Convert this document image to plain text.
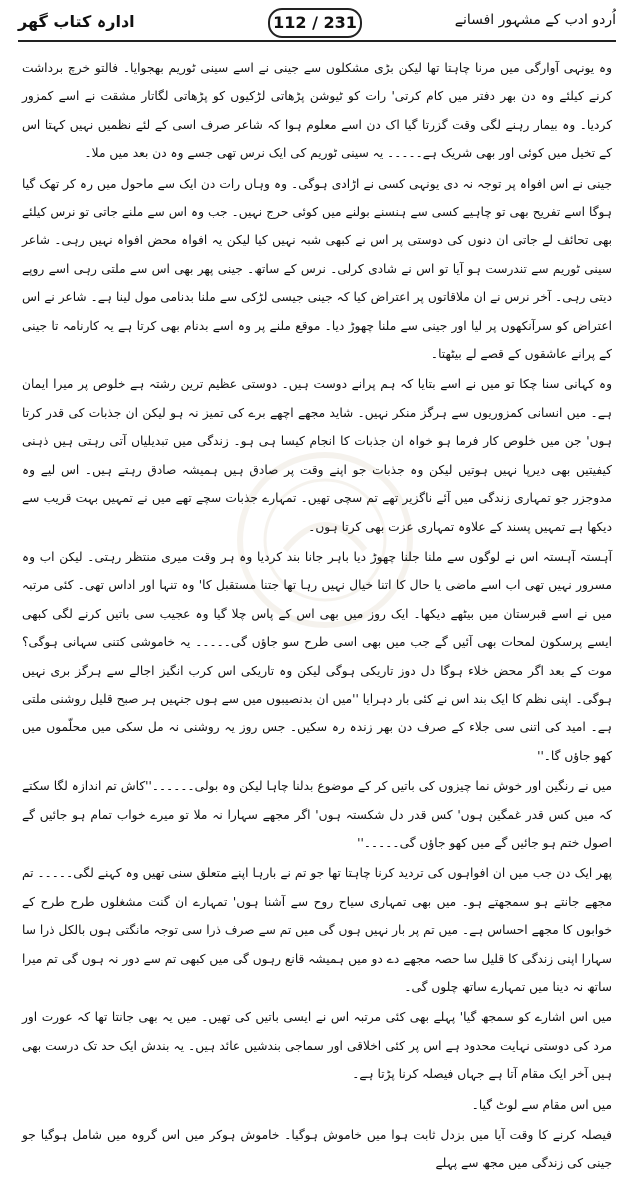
ادارہ کتاب گھر	112 / 231	اُردو ادب کے مشہور افسانے

وہ یونہی آوارگی میں مرنا چاہتا تھا لیکن بڑی مشکلوں سے جینی نے اسے سینی ٹوریم بھجوایا۔ فالتو خرچ برداشت کرنے کیلئے وہ دن بھر دفتر میں کام کرتی' رات کو ٹیوشن پڑھاتی لڑکیوں کو پڑھاتی لگاتار مشقت نے اسے کمزور کردیا۔ وہ بیمار رہنے لگی وقت گزرتا گیا اک دن اسے معلوم ہوا کہ شاعر صرف اسی کے لئے نظمیں نہیں کہتا اس کے تخیل میں کوئی اور بھی شریک ہے۔۔۔۔۔ یہ سینی ٹوریم کی ایک نرس تھی جسے وہ دن بعد میں ملا۔

جینی نے اس افواہ پر توجہ نہ دی یونہی کسی نے اڑادی ہوگی۔ وہ وہاں رات دن ایک سے ماحول میں رہ کر تھک گیا ہوگا اسے تفریح بھی تو چاہیے کسی سے ہنسنے بولنے میں کوئی حرج نہیں۔ جب وہ اس سے ملنے جاتی تو نرس کیلئے بھی تحائف لے جاتی ان دنوں کی دوستی پر اس نے کبھی شبہ نہیں کیا لیکن یہ افواہ محض افواہ نہیں رہی۔ شاعر سینی ٹوریم سے تندرست ہو آیا تو اس نے شادی کرلی۔ نرس کے ساتھ۔ جینی پھر بھی اس سے ملتی رہی اسے روپے دیتی رہی۔ آخر نرس نے ان ملاقاتوں پر اعتراض کیا کہ جینی جیسی لڑکی سے ملنا بدنامی مول لینا ہے۔ شاعر نے اس اعتراض کو سرآنکھوں پر لیا اور جینی سے ملنا چھوڑ دیا۔ موقع ملنے پر وہ اسے بدنام بھی کرتا ہے یہ کارنامہ تا جینی کے پرانے عاشقوں کے قصے لے بیٹھتا۔

وہ کہانی سنا چکا تو میں نے اسے بتایا کہ ہم پرانے دوست ہیں۔ دوستی عظیم ترین رشتہ ہے خلوص پر میرا ایمان ہے۔ میں انسانی کمزوریوں سے ہرگز منکر نہیں۔ شاید مجھے اچھے برے کی تمیز نہ ہو لیکن ان جذبات کی قدر کرتا ہوں' جن میں خلوص کار فرما ہو خواہ ان جذبات کا انجام کیسا ہی ہو۔ زندگی میں تبدیلیاں آتی رہتی ہیں ذہنی کیفیتیں بھی دیرپا نہیں ہوتیں لیکن وہ جذبات جو اپنے وقت پر صادق ہیں ہمیشہ صادق رہتے ہیں۔ اس لیے وہ مدوجزر جو تمہاری زندگی میں آئے ناگزیر تھے تم سچی تھیں۔ تمہارے جذبات سچے تھے میں نے تمہیں بہت قریب سے دیکھا ہے تمہیں پسند کے علاوہ تمہاری عزت بھی کرتا ہوں۔

آہستہ آہستہ اس نے لوگوں سے ملنا جلنا چھوڑ دیا باہر جانا بند کردیا وہ ہر وقت میری منتظر رہتی۔ لیکن اب وہ مسرور نہیں تھی اب اسے ماضی یا حال کا اتنا خیال نہیں رہا تھا جتنا مستقبل کا' وہ تنہا اور اداس تھی۔ کئی مرتبہ میں نے اسے قبرستان میں بیٹھے دیکھا۔ ایک روز میں بھی اس کے پاس چلا گیا وہ عجیب سی باتیں کرنے لگی کبھی ایسے پرسکون لمحات بھی آئیں گے جب میں بھی اسی طرح سو جاؤں گی۔۔۔۔۔ یہ خاموشی کتنی سہانی ہوگی؟ موت کے بعد اگر محض خلاء ہوگا دل دوز تاریکی ہوگی لیکن وہ تاریکی اس کرب انگیز اجالے سے ہرگز بری نہیں ہوگی۔ اپنی نظم کا ایک بند اس نے کئی بار دہرایا ''میں ان بدنصیبوں میں سے ہوں جنہیں ہر صبح قلیل روشنی ملتی ہے۔ امید کی اتنی سی جلاء کے صرف دن بھر زندہ رہ سکیں۔ جس روز یہ روشنی نہ مل سکی میں محلّموں میں کھو جاؤں گا۔''

میں نے رنگین اور خوش نما چیزوں کی باتیں کر کے موضوع بدلنا چاہا لیکن وہ بولی۔۔۔۔۔۔''کاش تم اندازہ لگا سکتے کہ میں کس قدر غمگین ہوں' کس قدر دل شکستہ ہوں' اگر مجھے سہارا نہ ملا تو میرے خواب تمام ہو جائیں گے اصول ختم ہو جائیں گے میں کھو جاؤں گی۔۔۔۔۔''

پھر ایک دن جب میں ان افواہوں کی تردید کرنا چاہتا تھا جو تم نے بارہا اپنے متعلق سنی تھیں وہ کہنے لگی۔۔۔۔۔ تم مجھے جانتے ہو سمجھتے ہو۔ میں بھی تمہاری سیاح روح سے آشنا ہوں' تمہارے ان گنت مشغلوں طرح طرح کے خوابوں کا مجھے احساس ہے۔ میں تم پر بار نہیں ہوں گی میں تم سے صرف ذرا سی توجہ مانگتی ہوں بالکل ذرا سا سہارا اپنی زندگی کا قلیل سا حصہ مجھے دے دو میں ہمیشہ قانع رہوں گی میں کبھی تم سے دور نہ ہوں گی تم میرا ساتھ نہ دینا میں تمہارے ساتھ چلوں گی۔

میں اس اشارے کو سمجھ گیا' پہلے بھی کئی مرتبہ اس نے ایسی باتیں کی تھیں۔ میں یہ بھی جانتا تھا کہ عورت اور مرد کی دوستی نہایت محدود ہے اس پر کئی اخلاقی اور سماجی بندشیں عائد ہیں۔ یہ بندش ایک حد تک درست بھی ہیں آخر ایک مقام آتا ہے جہاں فیصلہ کرنا پڑتا ہے۔

میں اس مقام سے لوٹ گیا۔

فیصلہ کرنے کا وقت آیا میں بزدل ثابت ہوا میں خاموش ہوگیا۔ خاموش ہوکر میں اس گروہ میں شامل ہوگیا جو جینی کی زندگی میں مجھ سے پہلے
